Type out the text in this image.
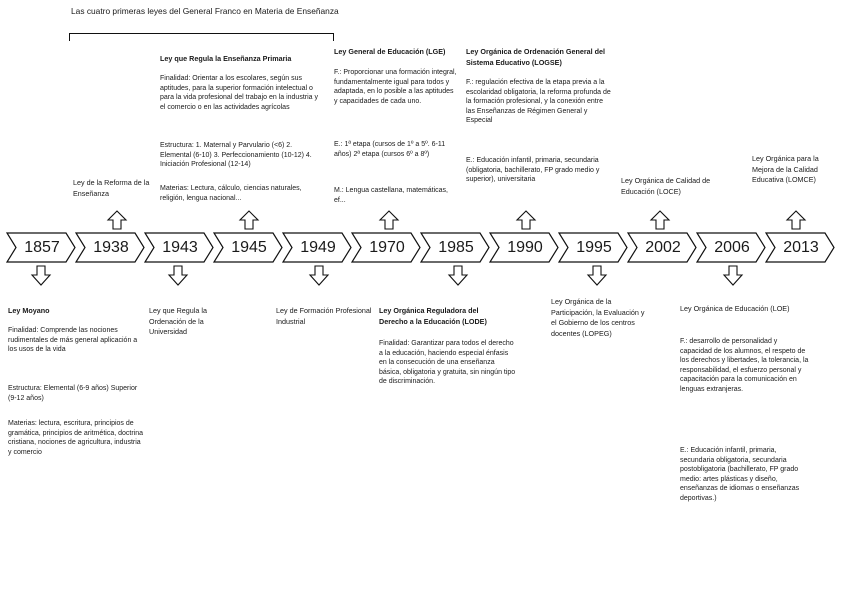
Las cuatro primeras leyes del General Franco en Materia de Enseñanza
1857	1938	1943	1945	1949	1970	1985	1990	1995	2002	2006	2013
Ley de la Reforma de la Enseñanza
Ley que Regula la Enseñanza Primaria
Finalidad: Orientar a los escolares, según sus aptitudes, para la superior formación intelectual o para la vida profesional del trabajo en la industria y el comercio o en las actividades agrícolas
Estructura: 1. Maternal y Parvulario (<6) 2. Elemental (6-10) 3. Perfeccionamiento (10-12) 4. Iniciación Profesional (12-14)
Materias: Lectura, cálculo, ciencias naturales, religión, lengua nacional...
Ley General de Educación (LGE)
F.: Proporcionar una formación integral, fundamentalmente igual para todos y adaptada, en lo posible a las aptitudes y capacidades de cada uno.
E.: 1ª etapa (cursos de 1º a 5º. 6-11 años) 2ª etapa (cursos 6º a 8º)
M.: Lengua castellana, matemáticas, ef...
Ley Orgánica de Ordenación General del Sistema Educativo (LOGSE)
F.: regulación efectiva de la etapa previa a la escolaridad obligatoria, la reforma profunda de la formación profesional, y la conexión entre las Enseñanzas de Régimen General y Especial
E.: Educación infantil, primaria, secundaria (obligatoria, bachillerato, FP grado medio y superior), universitaria	Ley Orgánica de Calidad de Educación (LOCE)
Ley Orgánica para la Mejora de la Calidad Educativa (LOMCE)
Ley Moyano
Finalidad: Comprende las nociones rudimentales de más general aplicación a los usos de la vida
Estructura: Elemental (6-9 años) Superior (9-12 años)
Materias: lectura, escritura, principios de gramática, principios de aritmética, doctrina cristiana, nociones de agricultura, industria y comercio
Ley que Regula la Ordenación de la Universidad
Ley de Formación Profesional Industrial
Ley Orgánica Reguladora del Derecho a la Educación (LODE)
Finalidad: Garantizar para todos el derecho a la educación, haciendo especial énfasis en la consecución de una enseñanza básica, obligatoria y gratuita, sin ningún tipo de discriminación.
Ley Orgánica de la Participación, la Evaluación y el Gobierno de los centros docentes (LOPEG)
Ley Orgánica de Educación (LOE)
F.: desarrollo de personalidad y capacidad de los alumnos, el respeto de los derechos y libertades, la tolerancia, la responsabilidad, el esfuerzo personal y capacitación para la comunicación en lenguas extranjeras.
E.: Educación infantil, primaria, secundaria obligatoria, secundaria postobligatoria (bachillerato, FP grado medio: artes plásticas y diseño, enseñanzas de idiomas o enseñanzas deportivas.)
